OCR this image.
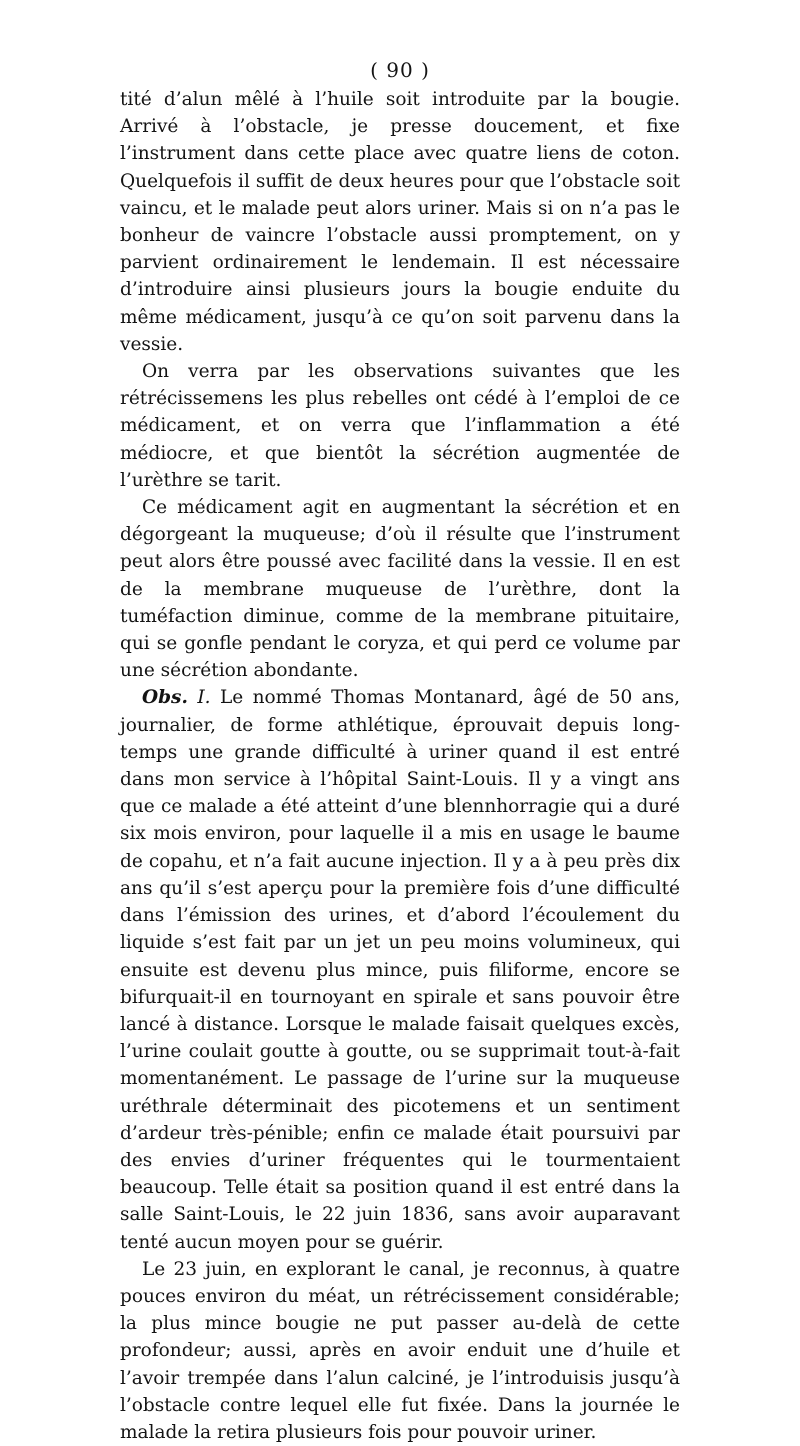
( 90 )

tité d’alun mêlé à l’huile soit introduite par la bougie. Arrivé à l’obstacle, je presse doucement, et fixe l’instrument dans cette place avec quatre liens de coton. Quelquefois il suffit de deux heures pour que l’obstacle soit vaincu, et le malade peut alors uriner. Mais si on n’a pas le bonheur de vaincre l’obstacle aussi promptement, on y parvient ordinairement le lendemain. Il est nécessaire d’introduire ainsi plusieurs jours la bougie enduite du même médicament, jusqu’à ce qu’on soit parvenu dans la vessie.

On verra par les observations suivantes que les rétrécissemens les plus rebelles ont cédé à l’emploi de ce médicament, et on verra que l’inflammation a été médiocre, et que bientôt la sécrétion augmentée de l’urèthre se tarit.

Ce médicament agit en augmentant la sécrétion et en dégorgeant la muqueuse; d’où il résulte que l’instrument peut alors être poussé avec facilité dans la vessie. Il en est de la membrane muqueuse de l’urèthre, dont la tuméfaction diminue, comme de la membrane pituitaire, qui se gonfle pendant le coryza, et qui perd ce volume par une sécrétion abondante.

Obs. I. Le nommé Thomas Montanard, âgé de 50 ans, journalier, de forme athlétique, éprouvait depuis long-temps une grande difficulté à uriner quand il est entré dans mon service à l’hôpital Saint-Louis. Il y a vingt ans que ce malade a été atteint d’une blennhorragie qui a duré six mois environ, pour laquelle il a mis en usage le baume de copahu, et n’a fait aucune injection. Il y a à peu près dix ans qu’il s’est aperçu pour la première fois d’une difficulté dans l’émission des urines, et d’abord l’écoulement du liquide s’est fait par un jet un peu moins volumineux, qui ensuite est devenu plus mince, puis filiforme, encore se bifurquait-il en tournoyant en spirale et sans pouvoir être lancé à distance. Lorsque le malade faisait quelques excès, l’urine coulait goutte à goutte, ou se supprimait tout-à-fait momentanément. Le passage de l’urine sur la muqueuse uréthrale déterminait des picotemens et un sentiment d’ardeur très-pénible; enfin ce malade était poursuivi par des envies d’uriner fréquentes qui le tourmentaient beaucoup. Telle était sa position quand il est entré dans la salle Saint-Louis, le 22 juin 1836, sans avoir auparavant tenté aucun moyen pour se guérir.

Le 23 juin, en explorant le canal, je reconnus, à quatre pouces environ du méat, un rétrécissement considérable; la plus mince bougie ne put passer au-delà de cette profondeur; aussi, après en avoir enduit une d’huile et l’avoir trempée dans l’alun calciné, je l’introduisis jusqu’à l’obstacle contre lequel elle fut fixée. Dans la journée le malade la retira plusieurs fois pour pouvoir uriner.
